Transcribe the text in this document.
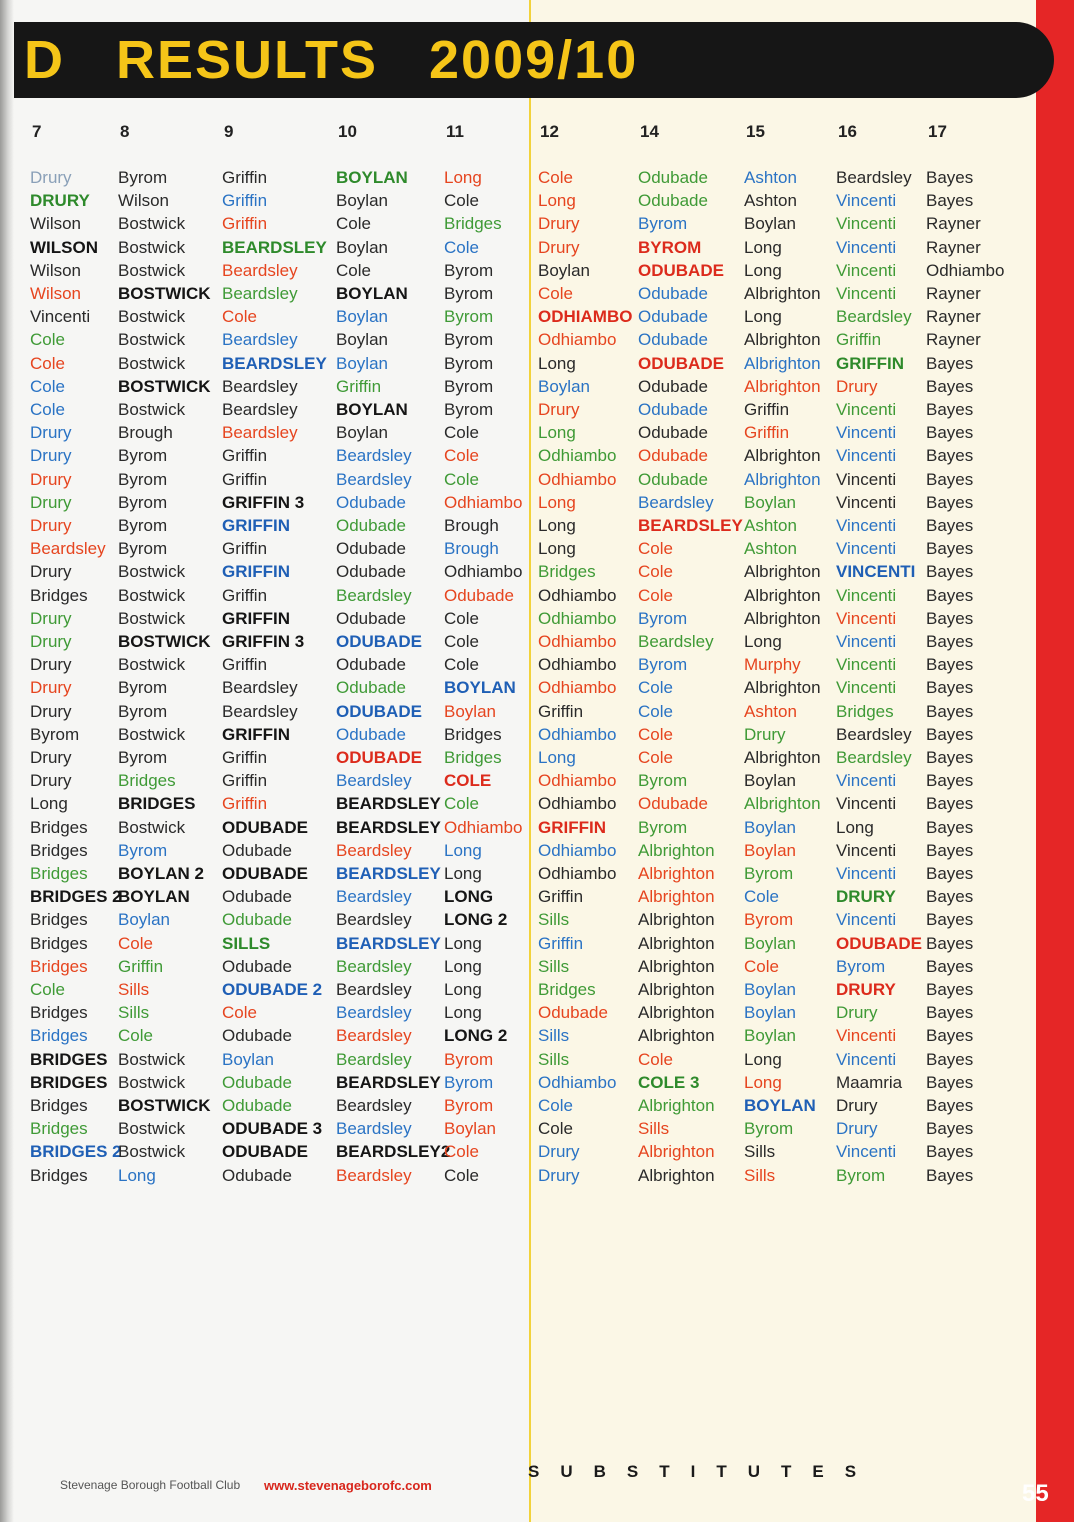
D   RESULTS   2009/10
7
Drury
DRURY
Wilson
WILSON
Wilson
Wilson
Vincenti
Cole
Cole
Cole
Cole
Drury
Drury
Drury
Drury
Drury
Beardsley
Drury
Bridges
Drury
Drury
Drury
Drury
Drury
Byrom
Drury
Drury
Long
Bridges
Bridges
Bridges
BRIDGES 2
Bridges
Bridges
Bridges
Cole
Bridges
Bridges
BRIDGES
BRIDGES
Bridges
Bridges
BRIDGES 2
Bridges
8
Byrom
Wilson
Bostwick
Bostwick
Bostwick
BOSTWICK
Bostwick
Bostwick
Bostwick
BOSTWICK
Bostwick
Brough
Byrom
Byrom
Byrom
Byrom
Byrom
Bostwick
Bostwick
Bostwick
BOSTWICK
Bostwick
Byrom
Byrom
Bostwick
Byrom
Bridges
BRIDGES
Bostwick
Byrom
BOYLAN 2
BOYLAN
Boylan
Cole
Griffin
Sills
Sills
Cole
Bostwick
Bostwick
BOSTWICK
Bostwick
Bostwick
Long
9
Griffin
Griffin
Griffin
BEARDSLEY
Beardsley
Beardsley
Cole
Beardsley
BEARDSLEY
Beardsley
Beardsley
Beardsley
Griffin
Griffin
GRIFFIN 3
GRIFFIN
Griffin
GRIFFIN
Griffin
GRIFFIN
GRIFFIN 3
Griffin
Beardsley
Beardsley
GRIFFIN
Griffin
Griffin
Griffin
ODUBADE
Odubade
ODUBADE
Odubade
Odubade
SILLS
Odubade
ODUBADE 2
Cole
Odubade
Boylan
Odubade
Odubade
ODUBADE 3
ODUBADE
Odubade
10
BOYLAN
Boylan
Cole
Boylan
Cole
BOYLAN
Boylan
Boylan
Boylan
Griffin
BOYLAN
Boylan
Beardsley
Beardsley
Odubade
Odubade
Odubade
Odubade
Beardsley
Odubade
ODUBADE
Odubade
Odubade
ODUBADE
Odubade
ODUBADE
Beardsley
BEARDSLEY
BEARDSLEY
Beardsley
BEARDSLEY
Beardsley
Beardsley
BEARDSLEY
Beardsley
Beardsley
Beardsley
Beardsley
Beardsley
BEARDSLEY
Beardsley
Beardsley
BEARDSLEY2
Beardsley
11
Long
Cole
Bridges
Cole
Byrom
Byrom
Byrom
Byrom
Byrom
Byrom
Byrom
Cole
Cole
Cole
Odhiambo
Brough
Brough
Odhiambo
Odubade
Cole
Cole
Cole
BOYLAN
Boylan
Bridges
Bridges
COLE
Cole
Odhiambo
Long
Long
LONG
LONG 2
Long
Long
Long
Long
LONG 2
Byrom
Byrom
Byrom
Boylan
Cole
Cole
12
Cole
Long
Drury
Drury
Boylan
Cole
ODHIAMBO
Odhiambo
Long
Boylan
Drury
Long
Odhiambo
Odhiambo
Long
Long
Long
Bridges
Odhiambo
Odhiambo
Odhiambo
Odhiambo
Odhiambo
Griffin
Odhiambo
Long
Odhiambo
Odhiambo
GRIFFIN
Odhiambo
Odhiambo
Griffin
Sills
Griffin
Sills
Bridges
Odubade
Sills
Sills
Odhiambo
Cole
Cole
Drury
Drury
14
Odubade
Odubade
Byrom
BYROM
ODUBADE
Odubade
Odubade
Odubade
ODUBADE
Odubade
Odubade
Odubade
Odubade
Odubade
Beardsley
BEARDSLEY
Cole
Cole
Cole
Byrom
Beardsley
Byrom
Cole
Cole
Cole
Cole
Byrom
Odubade
Byrom
Albrighton
Albrighton
Albrighton
Albrighton
Albrighton
Albrighton
Albrighton
Albrighton
Albrighton
Cole
COLE 3
Albrighton
Sills
Albrighton
Albrighton
15
Ashton
Ashton
Boylan
Long
Long
Albrighton
Long
Albrighton
Albrighton
Albrighton
Griffin
Griffin
Albrighton
Albrighton
Boylan
Ashton
Ashton
Albrighton
Albrighton
Albrighton
Long
Murphy
Albrighton
Ashton
Drury
Albrighton
Boylan
Albrighton
Boylan
Boylan
Byrom
Cole
Byrom
Boylan
Cole
Boylan
Boylan
Boylan
Long
Long
BOYLAN
Byrom
Sills
Sills
16
Beardsley
Vincenti
Vincenti
Vincenti
Vincenti
Vincenti
Beardsley
Griffin
GRIFFIN
Drury
Vincenti
Vincenti
Vincenti
Vincenti
Vincenti
Vincenti
Vincenti
VINCENTI
Vincenti
Vincenti
Vincenti
Vincenti
Vincenti
Bridges
Beardsley
Beardsley
Vincenti
Vincenti
Long
Vincenti
Vincenti
DRURY
Vincenti
ODUBADE
Byrom
DRURY
Drury
Vincenti
Vincenti
Maamria
Drury
Drury
Vincenti
Byrom
17
Bayes
Bayes
Rayner
Rayner
Odhiambo
Rayner
Rayner
Rayner
Bayes
Bayes
Bayes
Bayes
Bayes
Bayes
Bayes
Bayes
Bayes
Bayes
Bayes
Bayes
Bayes
Bayes
Bayes
Bayes
Bayes
Bayes
Bayes
Bayes
Bayes
Bayes
Bayes
Bayes
Bayes
Bayes
Bayes
Bayes
Bayes
Bayes
Bayes
Bayes
Bayes
Bayes
Bayes
Bayes
Stevenage Borough Football Club www.stevenageborofc.com
SUBSTITUTES
55
